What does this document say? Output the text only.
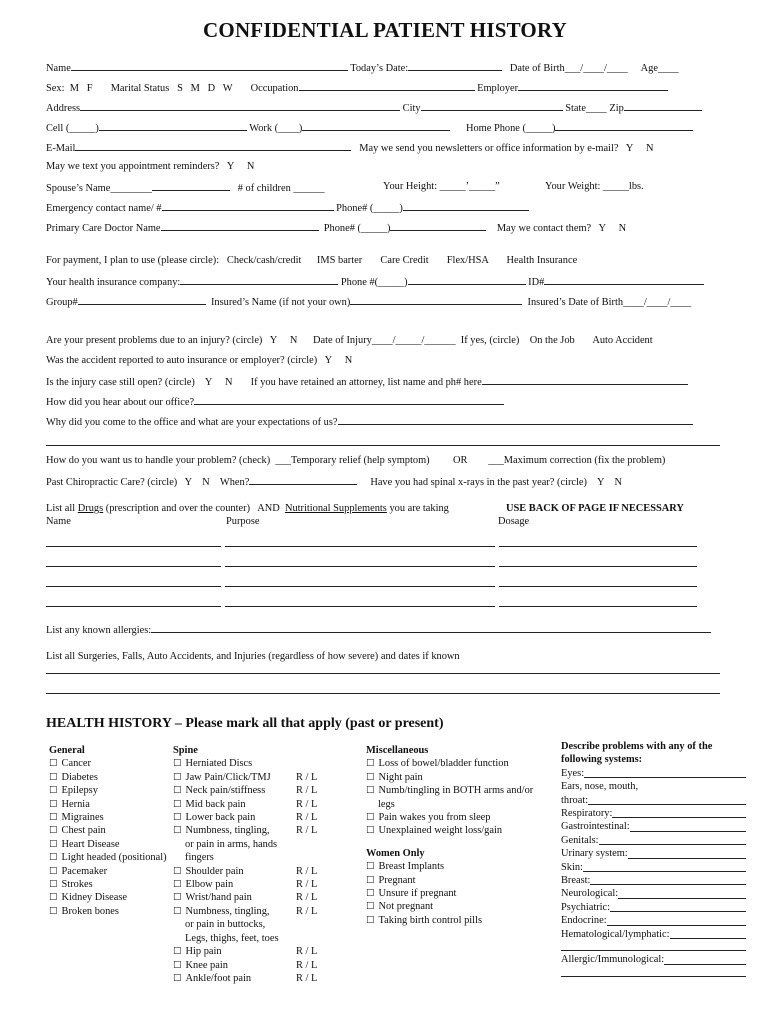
CONFIDENTIAL PATIENT HISTORY
Name	Today’s Date:	Date of Birth___/____/____ Age____
Sex: M   F Marital Status S   M   D   W Occupation	Employer
Address	City	State____ Zip
Cell (_____)	Work (____)	Home Phone (_____)
E-Mail	May we send you newsletters or office information by e-mail?   Y     N
May we text you appointment reminders?   Y     N
Spouse’s Name________	# of children ______	Your Height: _____’_____”	Your Weight: _____lbs.
Emergency contact name/ #	Phone# (_____)
Primary Care Doctor Name	Phone# (_____)	May we contact them?   Y     N
For payment, I plan to use (please circle):   Check/cash/credit      IMS barter       Care Credit       Flex/HSA       Health Insurance
Your health insurance company:	Phone #(_____)	ID#
Group#	Insured’s Name (if not your own)	Insured’s Date of Birth____/____/____
Are your present problems due to an injury? (circle)   Y     N      Date of Injury____/_____/______  If yes, (circle)    On the Job       Auto Accident
Was the accident reported to auto insurance or employer? (circle)   Y     N
Is the injury case still open? (circle)    Y     N       If you have retained an attorney, list name and ph# here
How did you hear about our office?
Why did you come to the office and what are your expectations of us?
How do you want us to handle your problem? (check)  ___Temporary relief (help symptom)         OR        ___Maximum correction (fix the problem)
Past Chiropractic Care? (circle)   Y    N    When?	Have you had spinal x-rays in the past year? (circle)    Y    N
List all Drugs (prescription and over the counter)   AND  Nutritional Supplements you are taking	USE BACK OF PAGE IF NECESSARY
Name	Purpose	Dosage
List any known allergies:
List all Surgeries, Falls, Auto Accidents, and Injuries (regardless of how severe) and dates if known
HEALTH HISTORY – Please mark all that apply (past or present)
General
☐ Cancer
☐ Diabetes
☐ Epilepsy
☐ Hernia
☐ Migraines
☐ Chest pain
☐ Heart Disease
☐ Light headed (positional)
☐ Pacemaker
☐ Strokes
☐ Kidney Disease
☐ Broken bones
Spine
☐ Herniated Discs
☐ Jaw Pain/Click/TMJ R / L
☐ Neck pain/stiffness	R / L
☐ Mid back pain	R / L
☐ Lower back pain	R / L
☐ Numbness, tingling,	R / L
or pain in arms, hands
fingers
☐ Shoulder pain	R / L
☐ Elbow pain	R / L
☐ Wrist/hand pain	R / L
☐ Numbness, tingling,	R / L
or pain in buttocks,
Legs, thighs, feet, toes
☐ Hip pain	R / L
☐ Knee pain	R / L
☐ Ankle/foot pain	R / L
Miscellaneous
☐ Loss of bowel/bladder function
☐ Night pain
☐ Numb/tingling in BOTH arms and/or
legs
☐ Pain wakes you from sleep
☐ Unexplained weight loss/gain
Women Only
☐ Breast Implants
☐ Pregnant
☐ Unsure if pregnant
☐ Not pregnant
☐ Taking birth control pills
Describe problems with any of the
following systems:
Eyes:
Ears, nose, mouth,
throat:
Respiratory:
Gastrointestinal:
Genitals:
Urinary system:
Skin:
Breast:
Neurological:
Psychiatric:
Endocrine:
Hematological/lymphatic:
Allergic/Immunological:
